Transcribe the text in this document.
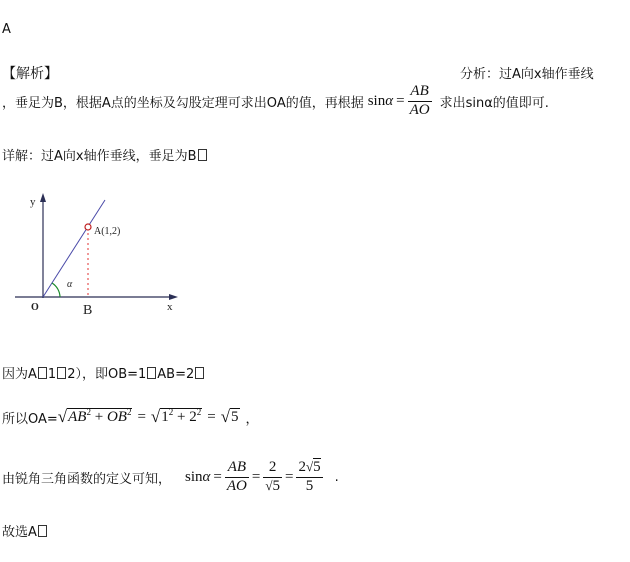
A
【解析】	分析：过A向x轴作垂线
，垂足为B，根据A点的坐标及勾股定理可求出OA的值，再根据 $\sin\alpha = \frac{AB}{AO}$ 求出sinα的值即可.
详解：过A向x轴作垂线，垂足为B
y
x
O
A(1,2)
α
B
因为A 1 2），即OB=1 AB=2
所以$OA= √AB^2 + OB^2 = √1^2 + 2^2 = √5$ ，
由锐角三角函数的定义可知， $\sin\alpha = \frac{AB}{AO} = \frac{2}{√5} = \frac{2√5}{5}$ .
故选A
